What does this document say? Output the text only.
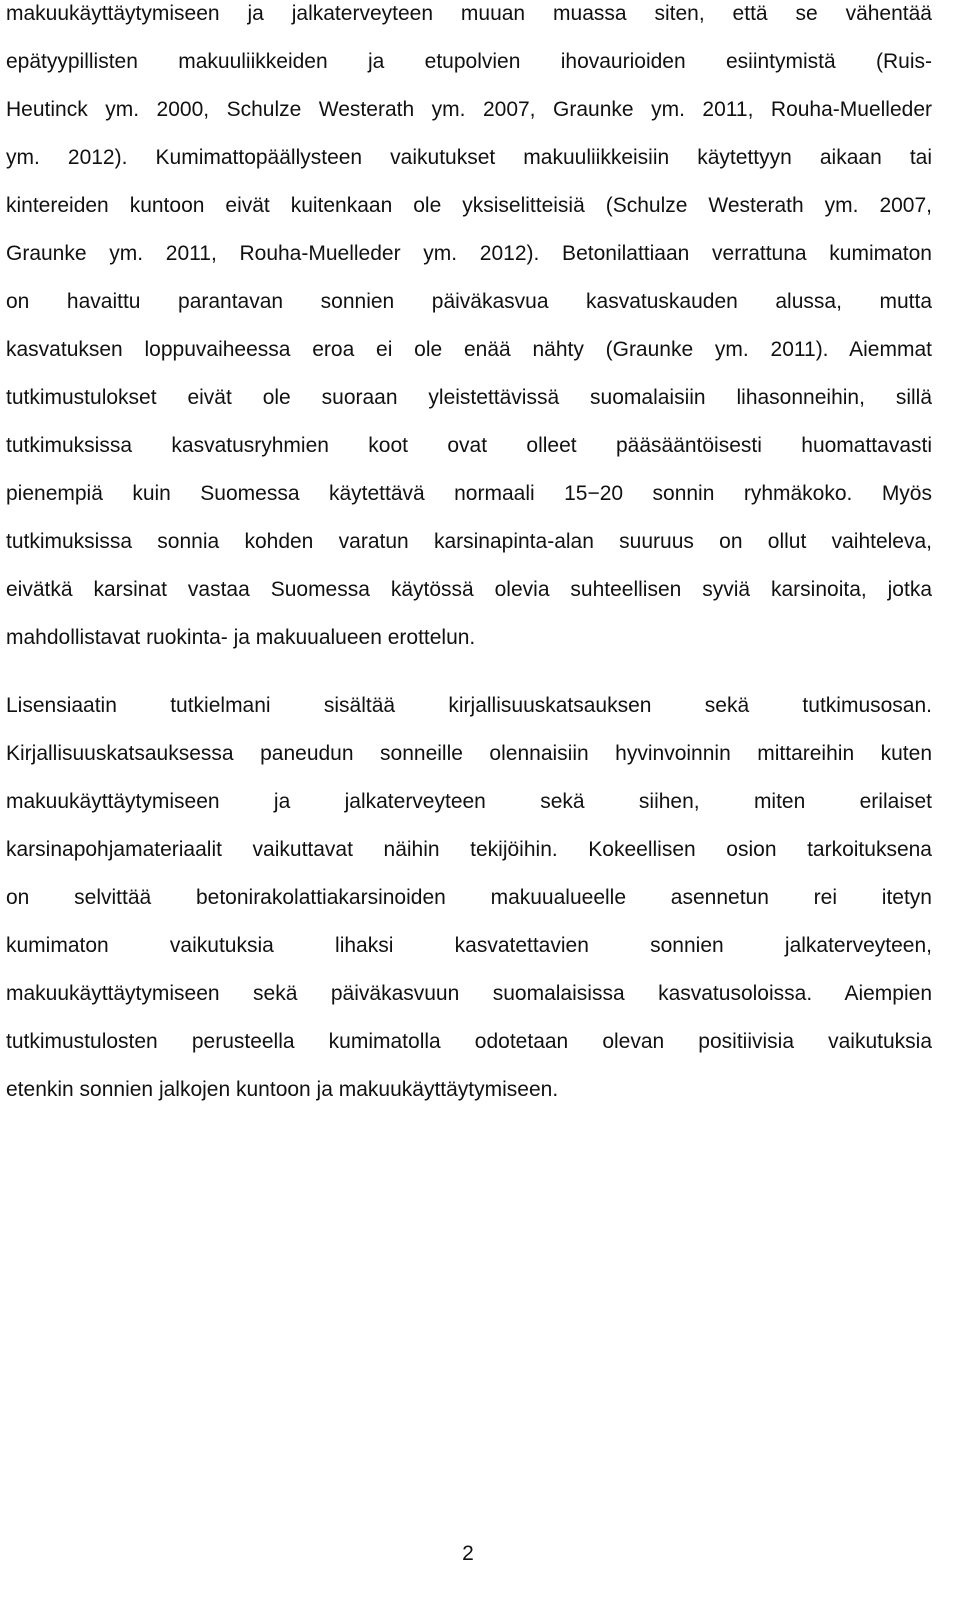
makuukäyttäytymiseen ja jalkaterveyteen muuan muassa siten, että se vähentää
epätyypillisten makuuliikkeiden ja etupolvien ihovaurioiden esiintymistä (Ruis-
Heutinck ym. 2000, Schulze Westerath ym. 2007, Graunke ym. 2011, Rouha-Muelleder
ym. 2012). Kumimattopäällysteen vaikutukset makuuliikkeisiin käytettyyn aikaan tai
kintereiden kuntoon eivät kuitenkaan ole yksiselitteisiä (Schulze Westerath ym. 2007,
Graunke ym. 2011, Rouha-Muelleder ym. 2012). Betonilattiaan verrattuna kumimaton
on havaittu parantavan sonnien päiväkasvua kasvatuskauden alussa, mutta
kasvatuksen loppuvaiheessa eroa ei ole enää nähty (Graunke ym. 2011). Aiemmat
tutkimustulokset eivät ole suoraan yleistettävissä suomalaisiin lihasonneihin, sillä
tutkimuksissa kasvatusryhmien koot ovat olleet pääsääntöisesti huomattavasti
pienempiä kuin Suomessa käytettävä normaali 15−20 sonnin ryhmäkoko. Myös
tutkimuksissa sonnia kohden varatun karsinapinta-alan suuruus on ollut vaihteleva,
eivätkä karsinat vastaa Suomessa käytössä olevia suhteellisen syviä karsinoita, jotka
mahdollistavat ruokinta- ja makuualueen erottelun.
Lisensiaatin tutkielmani sisältää kirjallisuuskatsauksen sekä tutkimusosan.
Kirjallisuuskatsauksessa paneudun sonneille olennaisiin hyvinvoinnin mittareihin kuten
makuukäyttäytymiseen ja jalkaterveyteen sekä siihen, miten erilaiset
karsinapohjamateriaalit vaikuttavat näihin tekijöihin. Kokeellisen osion tarkoituksena
on selvittää betonirakolattiakarsinoiden makuualueelle asennetun rei itetyn
kumimaton vaikutuksia lihaksi kasvatettavien sonnien jalkaterveyteen,
makuukäyttäytymiseen sekä päiväkasvuun suomalaisissa kasvatusoloissa. Aiempien
tutkimustulosten perusteella kumimatolla odotetaan olevan positiivisia vaikutuksia
etenkin sonnien jalkojen kuntoon ja makuukäyttäytymiseen.
2
